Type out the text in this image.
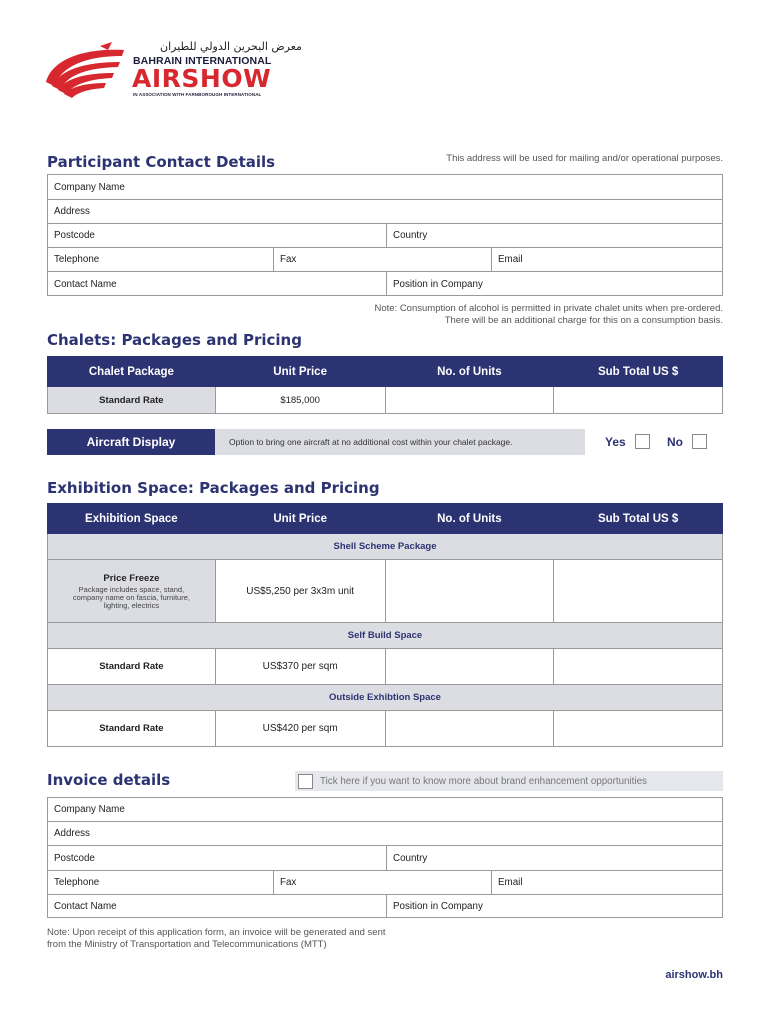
معرض البحرين الدولي للطيران
BAHRAIN INTERNATIONAL
AIRSHOW
IN ASSOCIATION WITH FARNBOROUGH INTERNATIONAL
Participant Contact Details	This address will be used for mailing and/or operational purposes.
Company Name
Address
Postcode	Country
Telephone	Fax	Email
Contact Name	Position in Company
Note: Consumption of alcohol is permitted in private chalet units when pre-ordered.
There will be an additional charge for this on a consumption basis.
Chalets: Packages and Pricing
Chalet Package	Unit Price	No. of Units	Sub Total US $
Standard Rate	$185,000		
Aircraft Display	Option to bring one aircraft at no additional cost within your chalet package.	Yes	No
Exhibition Space: Packages and Pricing
Exhibition Space	Unit Price	No. of Units	Sub Total US $
Shell Scheme Package			

Price Freeze
Package includes space, stand,
company name on fascia, furniture,
lighting, electrics	US$5,250 per 3x3m unit		
Self Build Space			
Standard Rate	US$370 per sqm		
Outside Exhibtion Space			
Standard Rate	US$420 per sqm		
Invoice details	Tick here if you want to know more about brand enhancement opportunities
Company Name
Address
Postcode	Country
Telephone	Fax	Email
Contact Name	Position in Company
Note: Upon receipt of this application form, an invoice will be generated and sent
from the Ministry of Transportation and Telecommunications (MTT)
airshow.bh
